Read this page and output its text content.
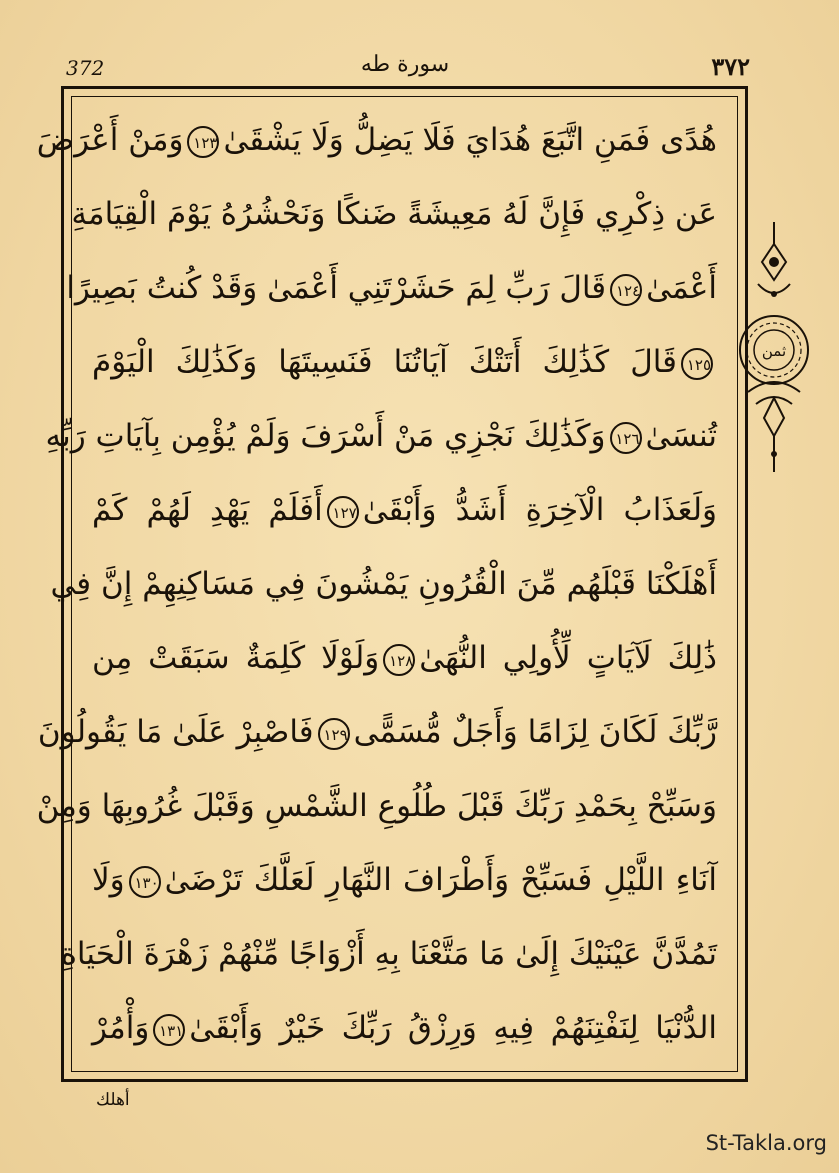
372	سورة طه	٣٧٢
هُدًى فَمَنِ اتَّبَعَ هُدَايَ فَلَا يَضِلُّ وَلَا يَشْقَىٰ١٢٣وَمَنْ أَعْرَضَ
عَن ذِكْرِي فَإِنَّ لَهُ مَعِيشَةً ضَنكًا وَنَحْشُرُهُ يَوْمَ الْقِيَامَةِ
أَعْمَىٰ١٢٤قَالَ رَبِّ لِمَ حَشَرْتَنِي أَعْمَىٰ وَقَدْ كُنتُ بَصِيرًا
١٢٥قَالَ كَذَٰلِكَ أَتَتْكَ آيَاتُنَا فَنَسِيتَهَا وَكَذَٰلِكَ الْيَوْمَ
تُنسَىٰ١٢٦وَكَذَٰلِكَ نَجْزِي مَنْ أَسْرَفَ وَلَمْ يُؤْمِن بِآيَاتِ رَبِّهِ
وَلَعَذَابُ الْآخِرَةِ أَشَدُّ وَأَبْقَىٰ١٢٧أَفَلَمْ يَهْدِ لَهُمْ كَمْ
أَهْلَكْنَا قَبْلَهُم مِّنَ الْقُرُونِ يَمْشُونَ فِي مَسَاكِنِهِمْ إِنَّ فِي
ذَٰلِكَ لَآيَاتٍ لِّأُولِي النُّهَىٰ١٢٨وَلَوْلَا كَلِمَةٌ سَبَقَتْ مِن
رَّبِّكَ لَكَانَ لِزَامًا وَأَجَلٌ مُّسَمًّى١٢٩فَاصْبِرْ عَلَىٰ مَا يَقُولُونَ
وَسَبِّحْ بِحَمْدِ رَبِّكَ قَبْلَ طُلُوعِ الشَّمْسِ وَقَبْلَ غُرُوبِهَا وَمِنْ
آنَاءِ اللَّيْلِ فَسَبِّحْ وَأَطْرَافَ النَّهَارِ لَعَلَّكَ تَرْضَىٰ١٣٠وَلَا
تَمُدَّنَّ عَيْنَيْكَ إِلَىٰ مَا مَتَّعْنَا بِهِ أَزْوَاجًا مِّنْهُمْ زَهْرَةَ الْحَيَاةِ
الدُّنْيَا لِنَفْتِنَهُمْ فِيهِ وَرِزْقُ رَبِّكَ خَيْرٌ وَأَبْقَىٰ١٣١وَأْمُرْ
ثمن
أهلك
St-Takla.org
